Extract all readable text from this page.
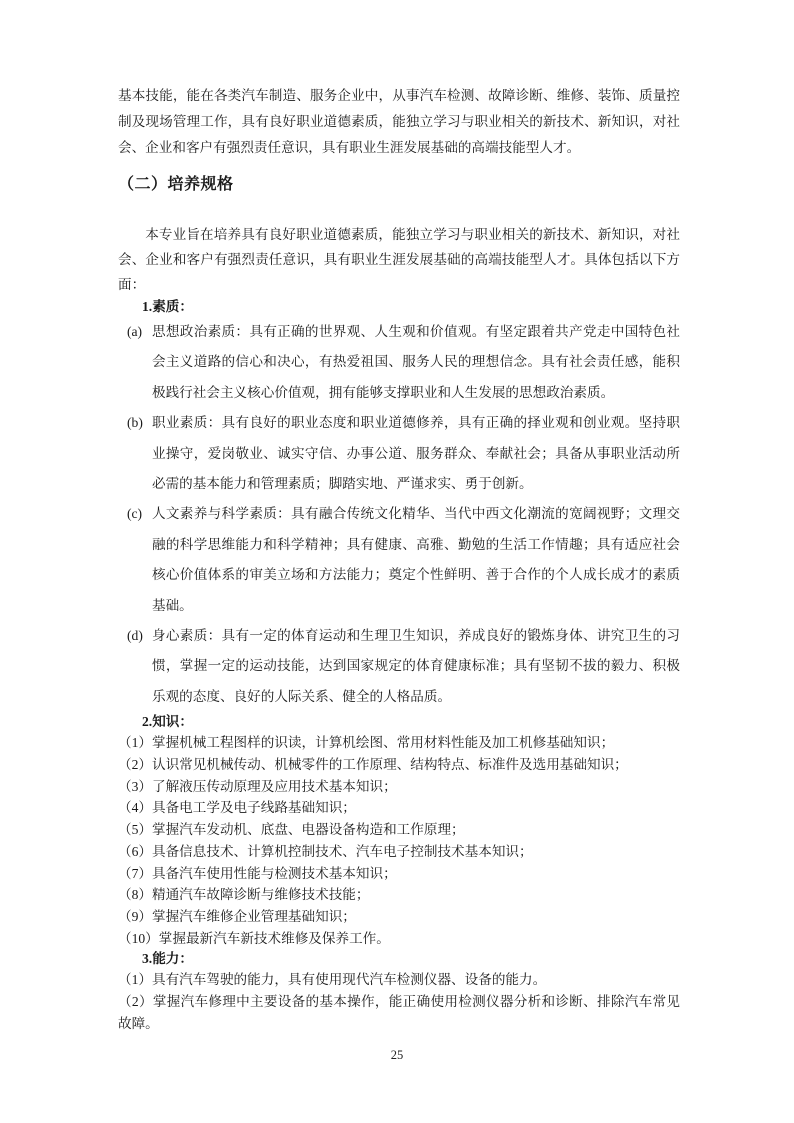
基本技能，能在各类汽车制造、服务企业中，从事汽车检测、故障诊断、维修、装饰、质量控制及现场管理工作，具有良好职业道德素质，能独立学习与职业相关的新技术、新知识，对社会、企业和客户有强烈责任意识，具有职业生涯发展基础的高端技能型人才。

（二）培养规格

本专业旨在培养具有良好职业道德素质，能独立学习与职业相关的新技术、新知识，对社会、企业和客户有强烈责任意识，具有职业生涯发展基础的高端技能型人才。具体包括以下方面：

1.素质：

(a) 思想政治素质：具有正确的世界观、人生观和价值观。有坚定跟着共产党走中国特色社会主义道路的信心和决心，有热爱祖国、服务人民的理想信念。具有社会责任感，能积极践行社会主义核心价值观，拥有能够支撑职业和人生发展的思想政治素质。
(b) 职业素质：具有良好的职业态度和职业道德修养，具有正确的择业观和创业观。坚持职业操守，爱岗敬业、诚实守信、办事公道、服务群众、奉献社会；具备从事职业活动所必需的基本能力和管理素质；脚踏实地、严谨求实、勇于创新。
(c) 人文素养与科学素质：具有融合传统文化精华、当代中西文化潮流的宽阔视野；文理交融的科学思维能力和科学精神；具有健康、高雅、勤勉的生活工作情趣；具有适应社会核心价值体系的审美立场和方法能力；奠定个性鲜明、善于合作的个人成长成才的素质基础。
(d) 身心素质：具有一定的体育运动和生理卫生知识，养成良好的锻炼身体、讲究卫生的习惯，掌握一定的运动技能，达到国家规定的体育健康标准；具有坚韧不拔的毅力、积极乐观的态度、良好的人际关系、健全的人格品质。

2.知识：

（1）掌握机械工程图样的识读，计算机绘图、常用材料性能及加工机修基础知识；

（2）认识常见机械传动、机械零件的工作原理、结构特点、标准件及选用基础知识；

（3）了解液压传动原理及应用技术基本知识；

（4）具备电工学及电子线路基础知识；

（5）掌握汽车发动机、底盘、电器设备构造和工作原理；

（6）具备信息技术、计算机控制技术、汽车电子控制技术基本知识；

（7）具备汽车使用性能与检测技术基本知识；

（8）精通汽车故障诊断与维修技术技能；

（9）掌握汽车维修企业管理基础知识；

（10）掌握最新汽车新技术维修及保养工作。

3.能力：

（1）具有汽车驾驶的能力，具有使用现代汽车检测仪器、设备的能力。

（2）掌握汽车修理中主要设备的基本操作，能正确使用检测仪器分析和诊断、排除汽车常见故障。

25
